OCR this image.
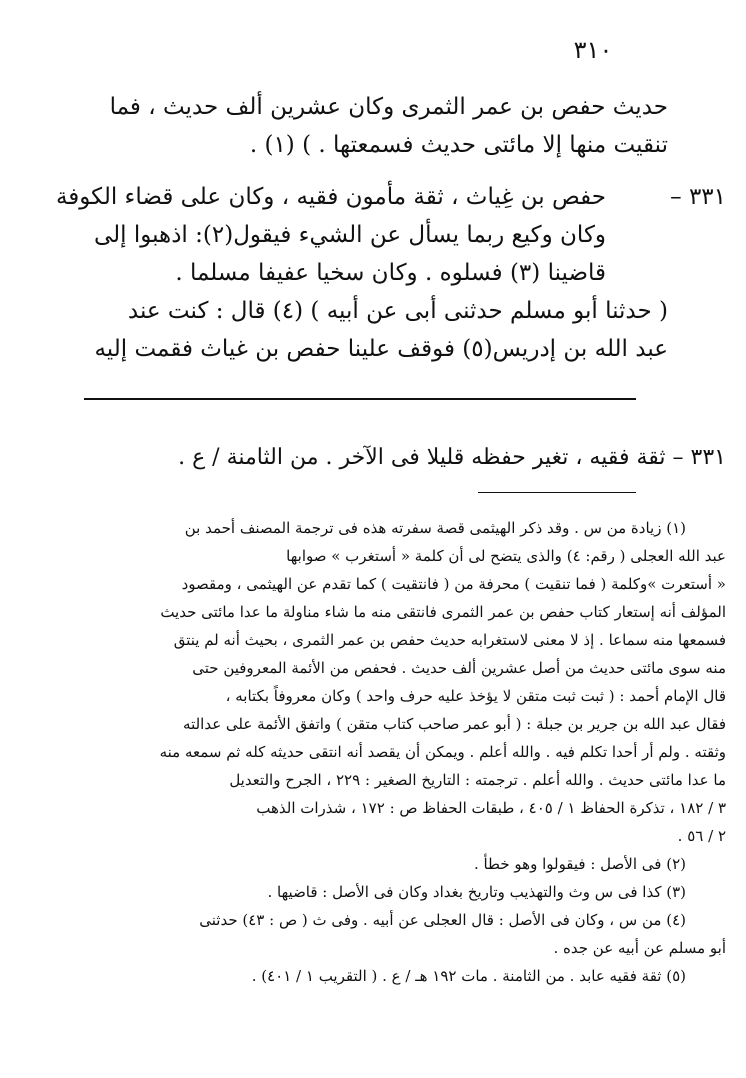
٣١٠
حديث حفص بن عمر الثمرى وكان عشرين ألف حديث ، فما
تنقيت منها إلا مائتى حديث فسمعتها . ) (١) .
٣٣١ –
حفص بن غِياث ، ثقة مأمون فقيه ، وكان على قضاء الكوفة
وكان وكيع ربما يسأل عن الشيء فيقول(٢): اذهبوا إلى
قاضينا (٣) فسلوه . وكان سخيا عفيفا مسلما .
( حدثنا أبو مسلم حدثنى أبى عن أبيه ) (٤) قال : كنت عند
عبد الله بن إدريس(٥) فوقف علينا حفص بن غياث فقمت إليه
٣٣١ – ثقة فقيه ، تغير حفظه قليلا فى الآخر . من الثامنة / ع .
(١) زيادة من س . وقد ذكر الهيثمى قصة سفرته هذه فى ترجمة المصنف أحمد بن
عبد الله العجلى ( رقم: ٤) والذى يتضح لى أن كلمة « أستغرب » صوابها
« أستعرت »وكلمة ( فما تنقيت ) محرفة من ( فانتقيت ) كما تقدم عن الهيثمى ، ومقصود
المؤلف أنه إستعار كتاب حفص بن عمر الثمرى فانتقى منه ما شاء مناولة ما عدا مائتى حديث
فسمعها منه سماعا . إذ لا معنى لاستغرابه حديث حفص بن عمر الثمرى ، بحيث أنه لم ينتق
منه سوى مائتى حديث من أصل عشرين ألف حديث . فحفص من الأئمة المعروفين حتى
قال الإمام أحمد : ( ثبت ثبت متقن لا يؤخذ عليه حرف واحد ) وكان معروفاً بكتابه ،
فقال عبد الله بن جرير بن جبلة : ( أبو عمر صاحب كتاب متقن ) واتفق الأئمة على عدالته
وثقته . ولم أر أحدا تكلم فيه . والله أعلم . ويمكن أن يقصد أنه انتقى حديثه كله ثم سمعه منه
ما عدا مائتى حديث . والله أعلم . ترجمته : التاريخ الصغير : ٢٢٩ ، الجرح والتعديل
٣ / ١٨٢ ، تذكرة الحفاظ ١ / ٤٠٥ ، طبقات الحفاظ ص : ١٧٢ ، شذرات الذهب
٢ / ٥٦ .
(٢) فى الأصل : فيقولوا وهو خطأ .
(٣) كذا فى س وث والتهذيب وتاريخ بغداد وكان فى الأصل : قاضيها .
(٤) من س ، وكان فى الأصل : قال العجلى عن أبيه . وفى ث ( ص : ٤٣) حدثنى
أبو مسلم عن أبيه عن جده .
(٥) ثقة فقيه عابد . من الثامنة . مات ١٩٢ هـ / ع . ( التقريب ١ / ٤٠١) .
